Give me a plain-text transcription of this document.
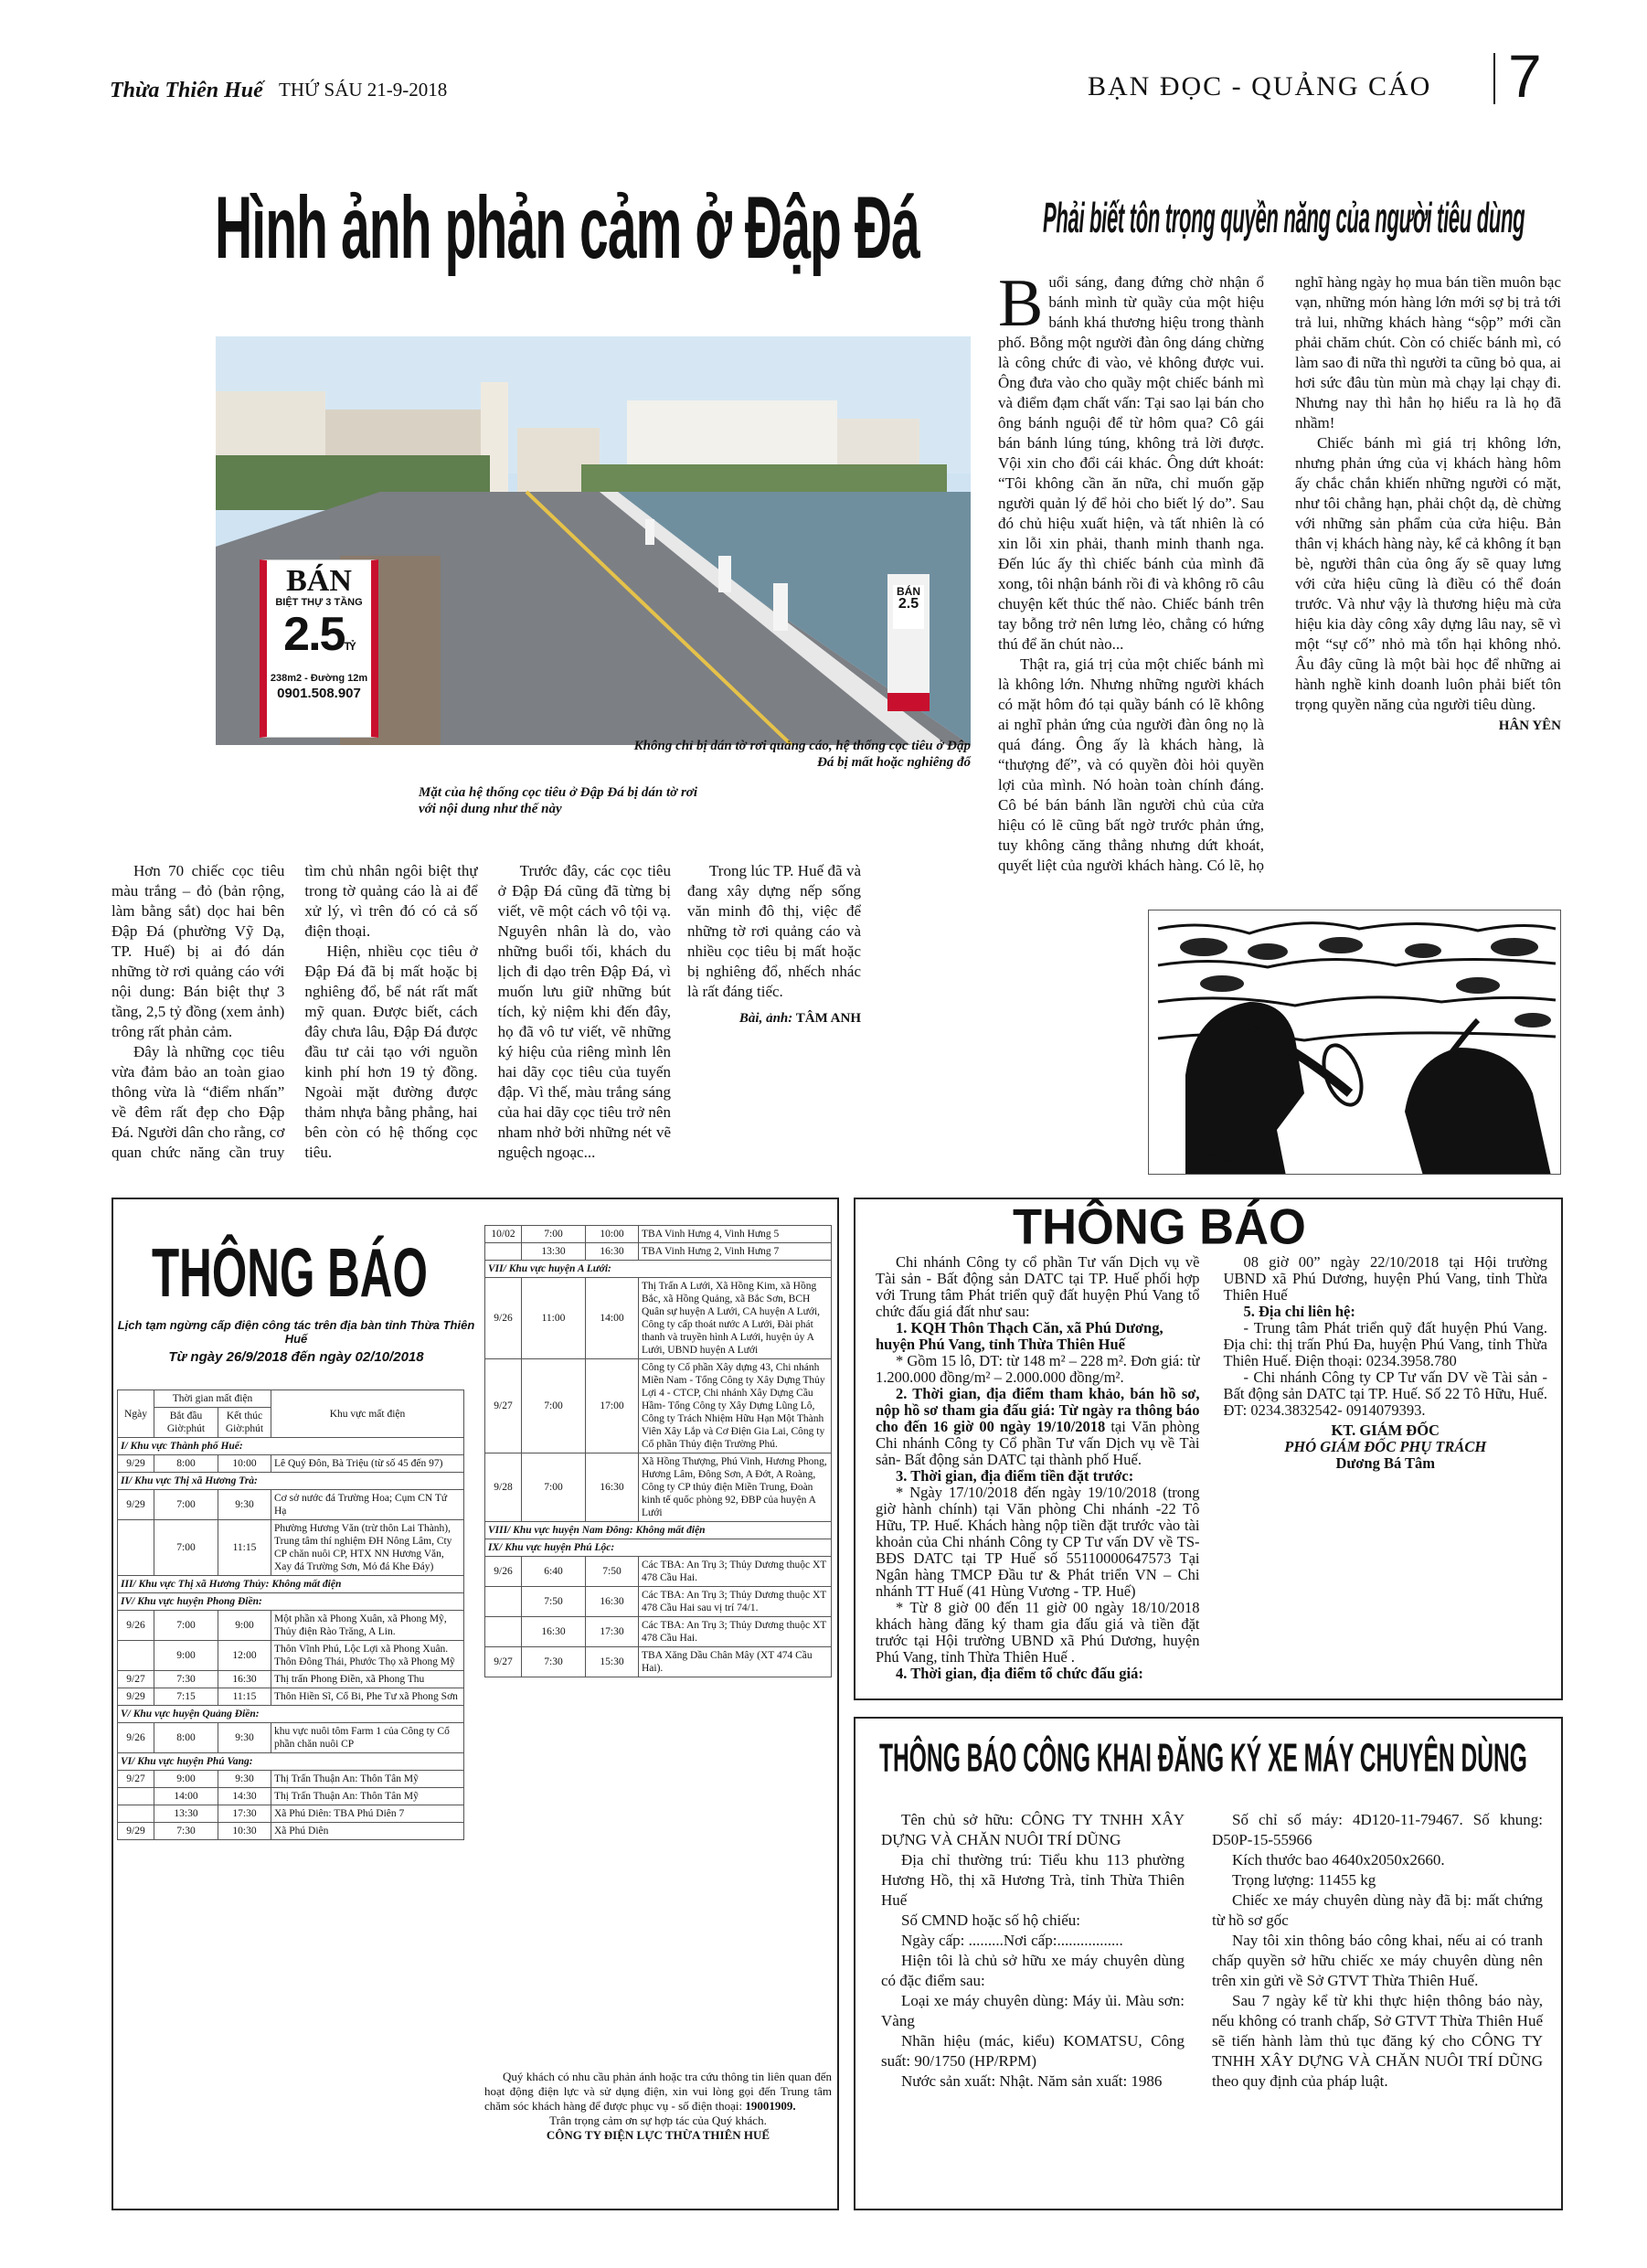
Thừa Thiên Huế THỨ SÁU 21-9-2018	BẠN ĐỌC - QUẢNG CÁO 7
Hình ảnh phản cảm ở Đập Đá
BÁN
BIỆT THỰ 3 TẦNG
2.5TỶ
238m2 - Đường 12m
0901.508.907
BÁN
2.5
Không chỉ bị dán tờ rơi quảng cáo, hệ thống cọc tiêu ở Đập Đá bị mất hoặc nghiêng đổ
Mặt của hệ thống cọc tiêu ở Đập Đá bị dán tờ rơi với nội dung như thế này

Hơn 70 chiếc cọc tiêu màu trắng – đỏ (bản rộng, làm bằng sắt) dọc hai bên Đập Đá (phường Vỹ Dạ, TP. Huế) bị ai đó dán những tờ rơi quảng cáo với nội dung: Bán biệt thự 3 tầng, 2,5 tỷ đồng (xem ảnh) trông rất phản cảm.

Đây là những cọc tiêu vừa đảm bảo an toàn giao thông vừa là “điểm nhấn” về đêm rất đẹp cho Đập Đá. Người dân cho rằng, cơ quan chức năng cần truy tìm chủ nhân ngôi biệt thự trong tờ quảng cáo là ai để xử lý, vì trên đó có cả số điện thoại.

Hiện, nhiều cọc tiêu ở Đập Đá đã bị mất hoặc bị nghiêng đổ, bể nát rất mất mỹ quan. Được biết, cách đây chưa lâu, Đập Đá được đầu tư cải tạo với nguồn kinh phí hơn 19 tỷ đồng. Ngoài mặt đường được thảm nhựa bằng phẳng, hai bên còn có hệ thống cọc tiêu.

Trước đây, các cọc tiêu ở Đập Đá cũng đã từng bị viết, vẽ một cách vô tội vạ. Nguyên nhân là do, vào những buổi tối, khách du lịch đi dạo trên Đập Đá, vì muốn lưu giữ những bút tích, kỷ niệm khi đến đây, họ đã vô tư viết, vẽ những ký hiệu của riêng mình lên hai dãy cọc tiêu của tuyến đập. Vì thế, màu trắng sáng của hai dãy cọc tiêu trở nên nham nhở bởi những nét vẽ nguệch ngoạc...

Trong lúc TP. Huế đã và đang xây dựng nếp sống văn minh đô thị, việc để những tờ rơi quảng cáo và nhiều cọc tiêu bị mất hoặc bị nghiêng đổ, nhếch nhác là rất đáng tiếc.

Bài, ảnh: TÂM ANH
Phải biết tôn trọng quyền năng của người tiêu dùng

Buổi sáng, đang đứng chờ nhận ổ bánh mình từ quầy của một hiệu bánh khá thương hiệu trong thành phố. Bỗng một người đàn ông dáng chừng là công chức đi vào, vẻ không được vui. Ông đưa vào cho quầy một chiếc bánh mì và điểm đạm chất vấn: Tại sao lại bán cho ông bánh nguội để từ hôm qua? Cô gái bán bánh lúng túng, không trả lời được. Vội xin cho đổi cái khác. Ông dứt khoát: “Tôi không cần ăn nữa, chỉ muốn gặp người quản lý để hỏi cho biết lý do”. Sau đó chủ hiệu xuất hiện, và tất nhiên là có xin lỗi xin phải, thanh minh thanh nga. Đến lúc ấy thì chiếc bánh của mình đã xong, tôi nhận bánh rồi đi và không rõ câu chuyện kết thúc thế nào. Chiếc bánh trên tay bỗng trở nên lưng lẻo, chẳng có hứng thú để ăn chút nào...

Thật ra, giá trị của một chiếc bánh mì là không lớn. Nhưng những người khách có mặt hôm đó tại quầy bánh có lẽ không ai nghĩ phản ứng của người đàn ông nọ là quá đáng. Ông ấy là khách hàng, là “thượng đế”, và có quyền đòi hỏi quyền lợi của mình. Nó hoàn toàn chính đáng. Cô bé bán bánh lần người chủ của cửa hiệu có lẽ cũng bất ngờ trước phản ứng, tuy không căng thẳng nhưng dứt khoát, quyết liệt của người khách hàng. Có lẽ, họ nghĩ hàng ngày họ mua bán tiền muôn bạc vạn, những món hàng lớn mới sợ bị trả tới trả lui, những khách hàng “sộp” mới cần phải chăm chút. Còn có chiếc bánh mì, có làm sao đi nữa thì người ta cũng bỏ qua, ai hơi sức đâu tùn mùn mà chạy lại chạy đi. Nhưng nay thì hẳn họ hiểu ra là họ đã nhầm!

Chiếc bánh mì giá trị không lớn, nhưng phản ứng của vị khách hàng hôm ấy chắc chắn khiến những người có mặt, như tôi chẳng hạn, phải chột dạ, dè chừng với những sản phẩm của cửa hiệu. Bản thân vị khách hàng này, kể cả không ít bạn bè, người thân của ông ấy sẽ quay lưng với cửa hiệu cũng là điều có thể đoán trước. Và như vậy là thương hiệu mà cửa hiệu kia dày công xây dựng lâu nay, sẽ vì một “sự cố” nhỏ mà tổn hại không nhỏ. Âu đây cũng là một bài học để những ai hành nghề kinh doanh luôn phải biết tôn trọng quyền năng của người tiêu dùng.

HÂN YÊN
THÔNG BÁO
Lịch tạm ngừng cấp điện công tác trên địa bàn tỉnh Thừa Thiên Huế
Từ ngày 26/9/2018 đến ngày 02/10/2018
Ngày	Thời gian mất điện		Khu vực mất điện
	Bắt đầu Giờ:phút	Kết thúc Giờ:phút	
I/ Khu vực Thành phố Huế:			
9/29	8:00	10:00	Lê Quý Đôn, Bà Triệu (từ số 45 đến 97)
II/ Khu vực Thị xã Hương Trà:			
9/29	7:00	9:30	Cơ sở nước đá Trường Hoa; Cụm CN Tứ Hạ
	7:00	11:15	Phường Hương Văn (trừ thôn Lai Thành), Trung tâm thí nghiệm ĐH Nông Lâm, Cty CP chăn nuôi CP, HTX NN Hương Văn, Xay đá Trường Sơn, Mỏ đá Khe Đáy)
III/ Khu vực Thị xã Hương Thủy: Không mất điện			
IV/ Khu vực huyện Phong Điền:			
9/26	7:00	9:00	Một phần xã Phong Xuân, xã Phong Mỹ, Thủy điện Rào Trăng, A Lin.
	9:00	12:00	Thôn Vĩnh Phú, Lộc Lợi xã Phong Xuân. Thôn Đông Thái, Phước Thọ xã Phong Mỹ
9/27	7:30	16:30	Thị trấn Phong Điền, xã Phong Thu
9/29	7:15	11:15	Thôn Hiền Sĩ, Cổ Bi, Phe Tư xã Phong Sơn
V/ Khu vực huyện Quảng Điền:			
9/26	8:00	9:30	khu vực nuôi tôm Farm 1 của Công ty Cổ phần chăn nuôi CP
VI/ Khu vực huyện Phú Vang:			
9/27	9:00	9:30	Thị Trấn Thuận An: Thôn Tân Mỹ
	14:00	14:30	Thị Trấn Thuận An: Thôn Tân Mỹ
	13:30	17:30	Xã Phú Diên: TBA Phú Diên 7
9/29	7:30	10:30	Xã Phú Diên
10/02	7:00	10:00	TBA Vinh Hưng 4, Vinh Hưng 5
	13:30	16:30	TBA Vinh Hưng 2, Vinh Hưng 7
VII/ Khu vực huyện A Lưới:			
9/26	11:00	14:00	Thị Trấn A Lưới, Xã Hồng Kim, xã Hồng Bắc, xã Hồng Quảng, xã Bắc Sơn, BCH Quân sự huyện A Lưới, CA huyện A Lưới, Công ty cấp thoát nước A Lưới, Đài phát thanh và truyền hình A Lưới, huyện ủy A Lưới, UBND huyện A Lưới
9/27	7:00	17:00	Công ty Cổ phần Xây dựng 43, Chi nhánh Miền Nam - Tổng Công ty Xây Dựng Thủy Lợi 4 - CTCP, Chi nhánh Xây Dựng Cầu Hầm- Tổng Công ty Xây Dựng Lũng Lô, Công ty Trách Nhiệm Hữu Hạn Một Thành Viên Xây Lắp và Cơ Điện Gia Lai, Công ty Cổ phần Thủy điện Trường Phú.
9/28	7:00	16:30	Xã Hồng Thượng, Phú Vinh, Hương Phong, Hương Lâm, Đông Sơn, A Đớt, A Roàng, Công ty CP thủy điện Miền Trung, Đoàn kinh tế quốc phòng 92, ĐBP của huyện A Lưới
VIII/ Khu vực huyện Nam Đông: Không mất điện			
IX/ Khu vực huyện Phú Lộc:			
9/26	6:40	7:50	Các TBA: An Trụ 3; Thủy Dương thuộc XT 478 Cầu Hai.
	7:50	16:30	Các TBA: An Trụ 3; Thủy Dương thuộc XT 478 Cầu Hai sau vị trí 74/1.
	16:30	17:30	Các TBA: An Trụ 3; Thủy Dương thuộc XT 478 Cầu Hai.
9/27	7:30	15:30	TBA Xăng Dầu Chân Mây (XT 474 Cầu Hai).
Quý khách có nhu cầu phản ánh hoặc tra cứu thông tin liên quan đến hoạt động điện lực và sử dụng điện, xin vui lòng gọi đến Trung tâm chăm sóc khách hàng để được phục vụ - số điện thoại: 19001909.
Trân trọng cảm ơn sự hợp tác của Quý khách.
CÔNG TY ĐIỆN LỰC THỪA THIÊN HUẾ
THÔNG BÁO

Chi nhánh Công ty cổ phần Tư vấn Dịch vụ về Tài sản - Bất động sản DATC tại TP. Huế phối hợp với Trung tâm Phát triển quỹ đất huyện Phú Vang tổ chức đấu giá đất như sau:

1. KQH Thôn Thạch Căn, xã Phú Dương, huyện Phú Vang, tỉnh Thừa Thiên Huế

* Gồm 15 lô, DT: từ 148 m² – 228 m². Đơn giá: từ 1.200.000 đồng/m² – 2.000.000 đồng/m².

2. Thời gian, địa điểm tham khảo, bán hồ sơ, nộp hồ sơ tham gia đấu giá: Từ ngày ra thông báo cho đến 16 giờ 00 ngày 19/10/2018 tại Văn phòng Chi nhánh Công ty Cổ phần Tư vấn Dịch vụ về Tài sản- Bất động sản DATC tại thành phố Huế.

3. Thời gian, địa điểm tiền đặt trước:

* Ngày 17/10/2018 đến ngày 19/10/2018 (trong giờ hành chính) tại Văn phòng Chi nhánh -22 Tô Hữu, TP. Huế. Khách hàng nộp tiền đặt trước vào tài khoản của Chi nhánh Công ty CP Tư vấn DV về TS-BĐS DATC tại TP Huế số 55110000647573 Tại Ngân hàng TMCP Đầu tư & Phát triển VN – Chi nhánh TT Huế (41 Hùng Vương - TP. Huế)

* Từ 8 giờ 00 đến 11 giờ 00 ngày 18/10/2018 khách hàng đăng ký tham gia đấu giá và tiền đặt trước tại Hội trường UBND xã Phú Dương, huyện Phú Vang, tỉnh Thừa Thiên Huế .

4. Thời gian, địa điểm tổ chức đấu giá:

08 giờ 00” ngày 22/10/2018 tại Hội trường UBND xã Phú Dương, huyện Phú Vang, tỉnh Thừa Thiên Huế

5. Địa chỉ liên hệ:

- Trung tâm Phát triển quỹ đất huyện Phú Vang. Địa chỉ: thị trấn Phú Đa, huyện Phú Vang, tỉnh Thừa Thiên Huế. Điện thoại: 0234.3958.780

- Chi nhánh Công ty CP Tư vấn DV về Tài sản - Bất động sản DATC tại TP. Huế. Số 22 Tô Hữu, Huế. ĐT: 0234.3832542- 0914079393.

KT. GIÁM ĐỐC

PHÓ GIÁM ĐỐC PHỤ TRÁCH

Dương Bá Tâm

THÔNG BÁO CÔNG KHAI ĐĂNG KÝ XE MÁY CHUYÊN DÙNG

Tên chủ sở hữu: CÔNG TY TNHH XÂY DỰNG VÀ CHĂN NUÔI TRÍ DŨNG

Địa chỉ thường trú: Tiểu khu 113 phường Hương Hồ, thị xã Hương Trà, tỉnh Thừa Thiên Huế

Số CMND hoặc số hộ chiếu:

Ngày cấp: .........Nơi cấp:.................

Hiện tôi là chủ sở hữu xe máy chuyên dùng có đặc điểm sau:

Loại xe máy chuyên dùng: Máy ủi. Màu sơn: Vàng

Nhãn hiệu (mác, kiểu) KOMATSU, Công suất: 90/1750 (HP/RPM)

Nước sản xuất: Nhật. Năm sản xuất: 1986

Số chỉ số máy: 4D120-11-79467. Số khung: D50P-15-55966

Kích thước bao 4640x2050x2660.

Trọng lượng: 11455 kg

Chiếc xe máy chuyên dùng này đã bị: mất chứng từ hồ sơ gốc

Nay tôi xin thông báo công khai, nếu ai có tranh chấp quyền sở hữu chiếc xe máy chuyên dùng nên trên xin gửi về Sở GTVT Thừa Thiên Huế.

Sau 7 ngày kể từ khi thực hiện thông báo này, nếu không có tranh chấp, Sở GTVT Thừa Thiên Huế sẽ tiến hành làm thủ tục đăng ký cho CÔNG TY TNHH XÂY DỰNG VÀ CHĂN NUÔI TRÍ DŨNG theo quy định của pháp luật.
